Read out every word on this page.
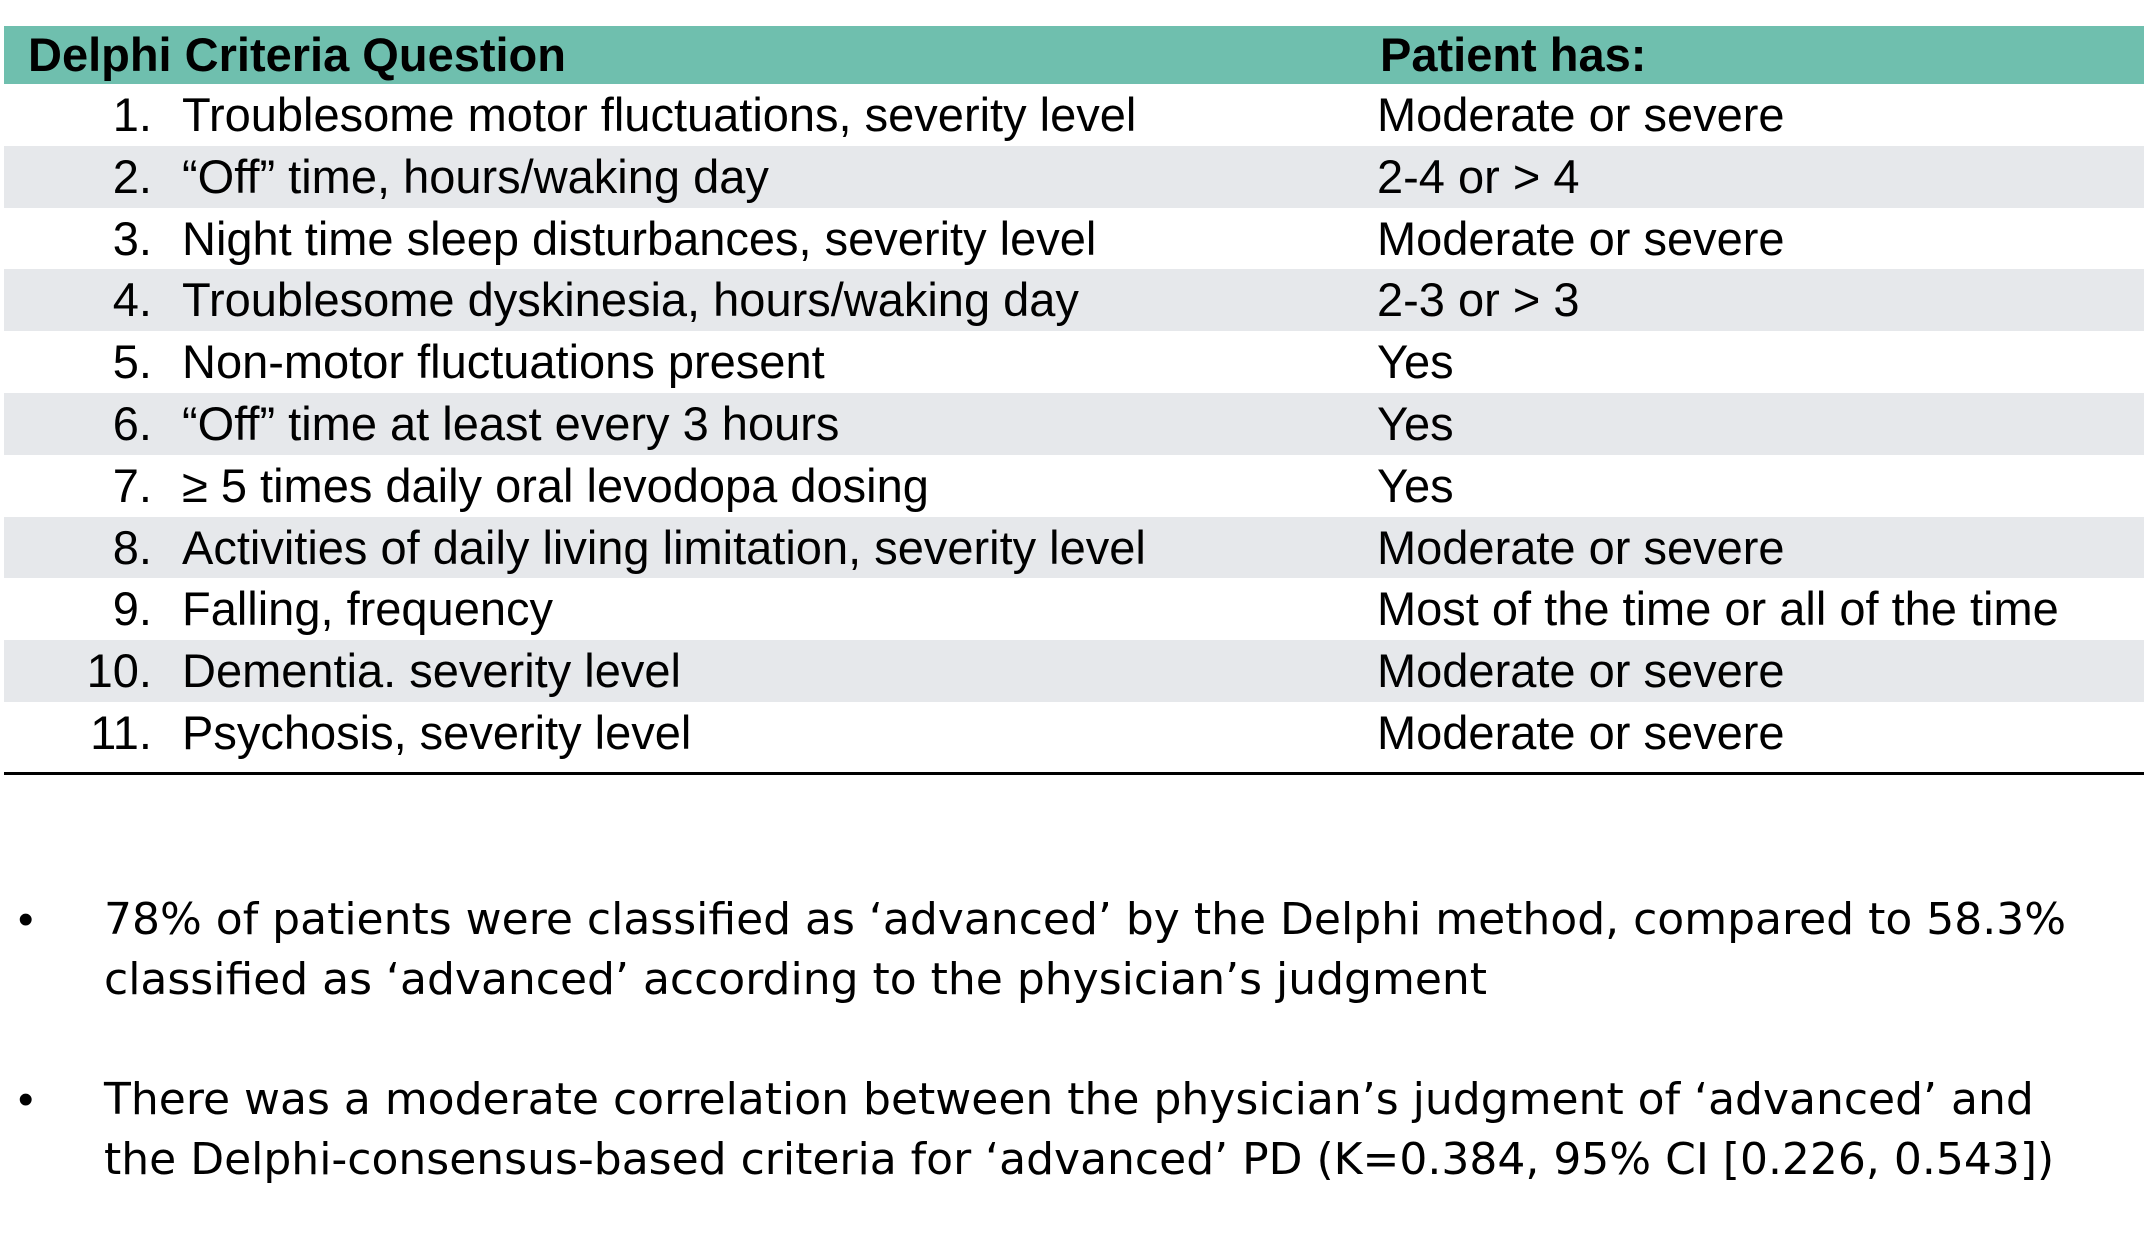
Delphi Criteria Question	Patient has:
1. Troublesome motor fluctuations, severity level	Moderate or severe
2. “Off” time, hours/waking day	2-4 or > 4
3. Night time sleep disturbances, severity level	Moderate or severe
4. Troublesome dyskinesia, hours/waking day	2-3 or > 3
5. Non-motor fluctuations present	Yes
6. “Off” time at least every 3 hours	Yes
7. ≥ 5 times daily oral levodopa dosing	Yes
8. Activities of daily living limitation, severity level	Moderate or severe
9. Falling, frequency	Most of the time or all of the time
10. Dementia. severity level	Moderate or severe
11. Psychosis, severity level	Moderate or severe
• 78% of patients were classified as ‘advanced’ by the Delphi method, compared to 58.3%
classified as ‘advanced’ according to the physician’s judgment
• There was a moderate correlation between the physician’s judgment of ‘advanced’ and
the Delphi-consensus-based criteria for ‘advanced’ PD (K=0.384, 95% CI [0.226, 0.543])
